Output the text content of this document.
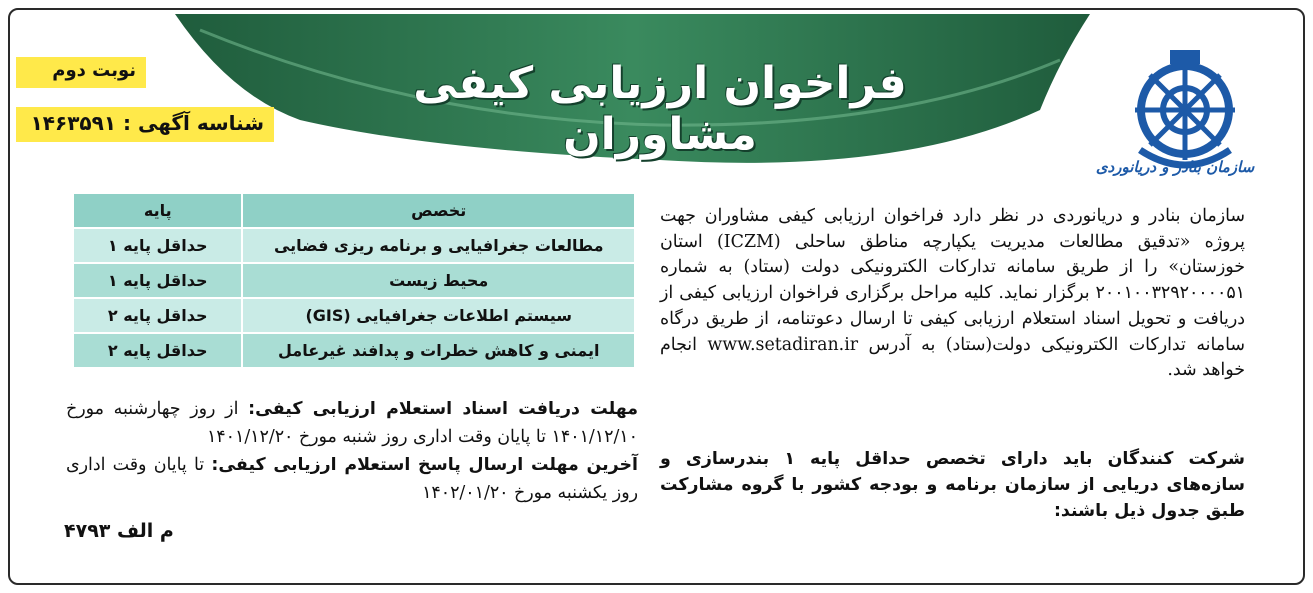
فراخوان ارزیابی کیفی مشاوران
سازمان بنادر و دریانوردی
نوبت دوم
شناسه آگهی : ۱۴۶۳۵۹۱
سازمان بنادر و دریانوردی در نظر دارد فراخوان ارزیابی کیفی مشاوران جهت پروژه «تدقیق مطالعات مدیریت یکپارچه مناطق ساحلی (ICZM) استان خوزستان» را از طریق سامانه تدارکات الکترونیکی دولت (ستاد) به شماره ۲۰۰۱۰۰۳۲۹۲۰۰۰۰۵۱ برگزار نماید. کلیه مراحل برگزاری فراخوان ارزیابی کیفی از دریافت و تحویل اسناد استعلام ارزیابی کیفی تا ارسال دعوتنامه، از طریق درگاه سامانه تدارکات الکترونیکی دولت(ستاد) به آدرس www.setadiran.ir انجام خواهد شد.
شرکت کنندگان باید دارای تخصص حداقل پایه ۱ بندرسازی و سازه‌های دریایی از سازمان برنامه و بودجه کشور با گروه مشارکت طبق جدول ذیل باشند:
تخصص	پایه
مطالعات جغرافیایی و برنامه ریزی فضایی	حداقل پایه ۱
محیط زیست	حداقل پایه ۱
سیستم اطلاعات جغرافیایی (GIS)	حداقل پایه ۲
ایمنی و کاهش خطرات و پدافند غیرعامل	حداقل پایه ۲
مهلت دریافت اسناد استعلام ارزیابی کیفی: از روز چهارشنبه مورخ ۱۴۰۱/۱۲/۱۰ تا پایان وقت اداری روز شنبه مورخ ۱۴۰۱/۱۲/۲۰
آخرین مهلت ارسال پاسخ استعلام ارزیابی کیفی: تا پایان وقت اداری روز یکشنبه مورخ ۱۴۰۲/۰۱/۲۰
م الف ۴۷۹۳
